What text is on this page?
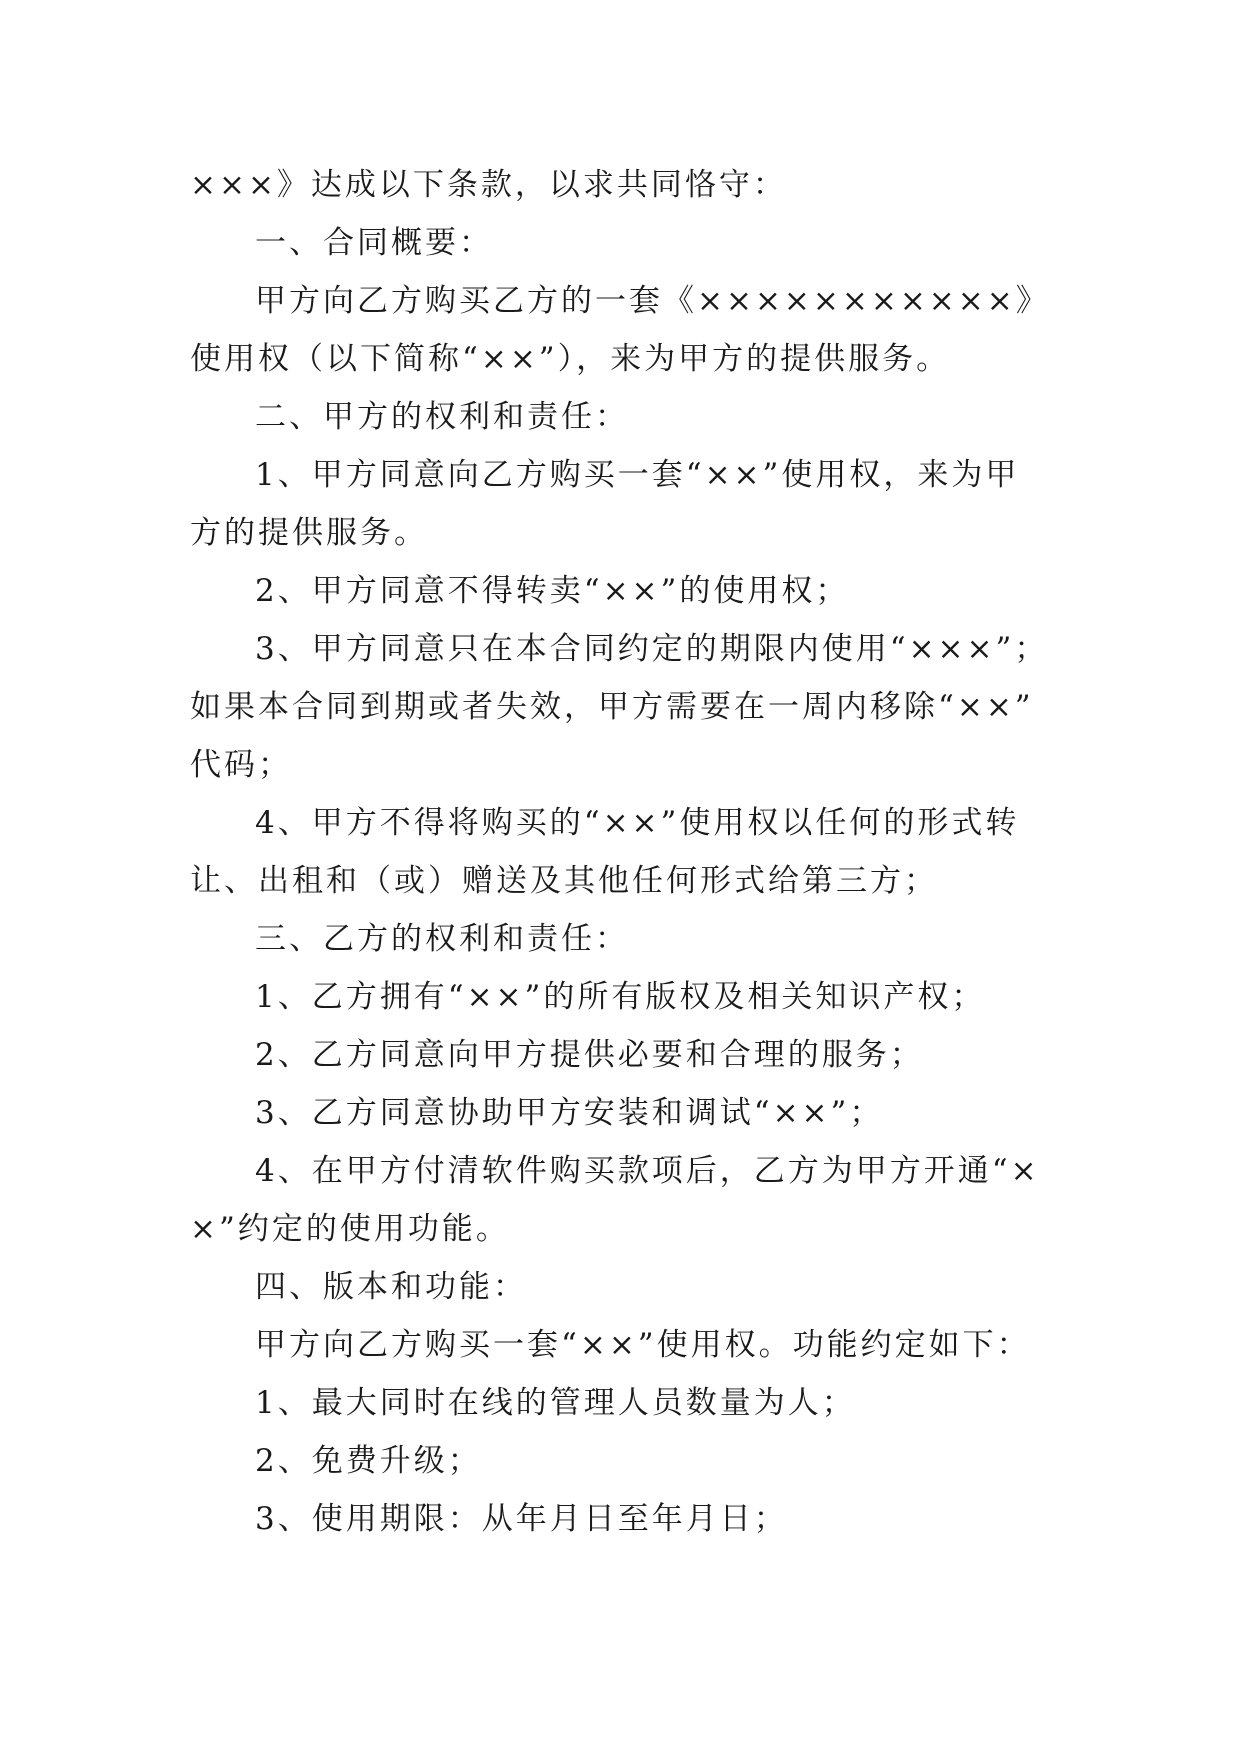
×××》达成以下条款，以求共同恪守：
一、合同概要：
甲方向乙方购买乙方的一套《×××××××××××》
使用权（以下简称“××”），来为甲方的提供服务。
二、甲方的权利和责任：
1、甲方同意向乙方购买一套“××”使用权，来为甲
方的提供服务。
2、甲方同意不得转卖“××”的使用权；
3、甲方同意只在本合同约定的期限内使用“×××”；
如果本合同到期或者失效，甲方需要在一周内移除“××”
代码；
4、甲方不得将购买的“××”使用权以任何的形式转
让、出租和（或）赠送及其他任何形式给第三方；
三、乙方的权利和责任：
1、乙方拥有“××”的所有版权及相关知识产权；
2、乙方同意向甲方提供必要和合理的服务；
3、乙方同意协助甲方安装和调试“××”；
4、在甲方付清软件购买款项后，乙方为甲方开通“×
×”约定的使用功能。
四、版本和功能：
甲方向乙方购买一套“××”使用权。功能约定如下：
1、最大同时在线的管理人员数量为人；
2、免费升级；
3、使用期限：从年月日至年月日；
